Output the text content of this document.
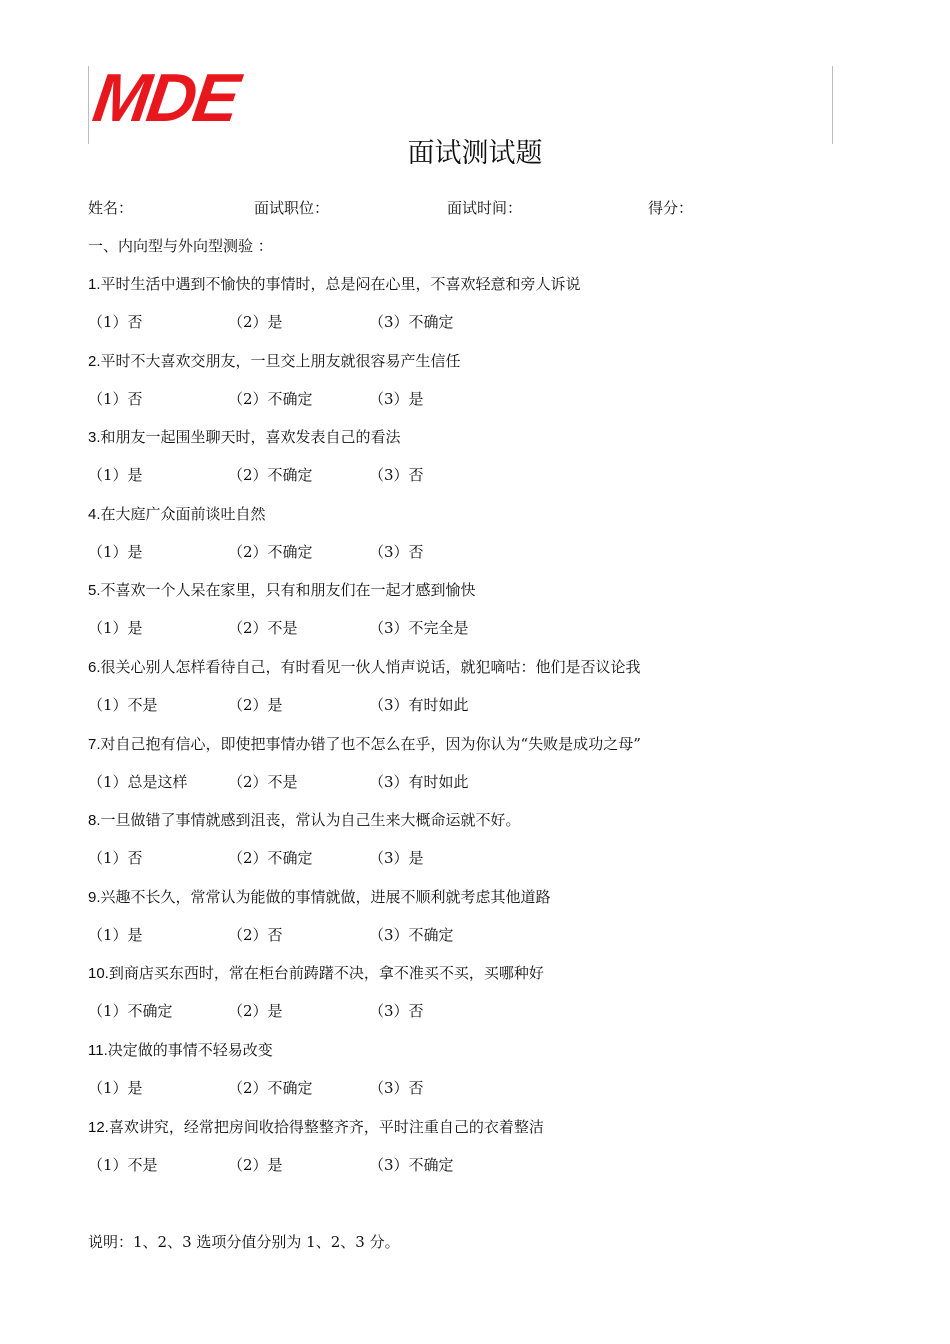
MDE
面试测试题
姓名：	面试职位：	面试时间：	得分：
一、内向型与外向型测验 ：
1.平时生活中遇到不愉快的事情时，总是闷在心里，不喜欢轻意和旁人诉说
（1）否	（2）是	（3）不确定
2.平时不大喜欢交朋友，一旦交上朋友就很容易产生信任
（1）否	（2）不确定	（3）是
3.和朋友一起围坐聊天时，喜欢发表自己的看法
（1）是	（2）不确定	（3）否
4.在大庭广众面前谈吐自然
（1）是	（2）不确定	（3）否
5.不喜欢一个人呆在家里，只有和朋友们在一起才感到愉快
（1）是	（2）不是	（3）不完全是
6.很关心别人怎样看待自己，有时看见一伙人悄声说话，就犯嘀咕：他们是否议论我
（1）不是	（2）是	（3）有时如此
7.对自己抱有信心，即使把事情办错了也不怎么在乎，因为你认为“失败是成功之母”
（1）总是这样	（2）不是	（3）有时如此
8.一旦做错了事情就感到沮丧，常认为自己生来大概命运就不好。
（1）否	（2）不确定	（3）是
9.兴趣不长久，常常认为能做的事情就做，进展不顺利就考虑其他道路
（1）是	（2）否	（3）不确定
10.到商店买东西时，常在柜台前踌躇不决，拿不准买不买，买哪种好
（1）不确定	（2）是	（3）否
11.决定做的事情不轻易改变
（1）是	（2）不确定	（3）否
12.喜欢讲究，经常把房间收拾得整整齐齐，平时注重自己的衣着整洁
（1）不是	（2）是	（3）不确定
说明：1、2、3 选项分值分别为 1、2、3 分。
